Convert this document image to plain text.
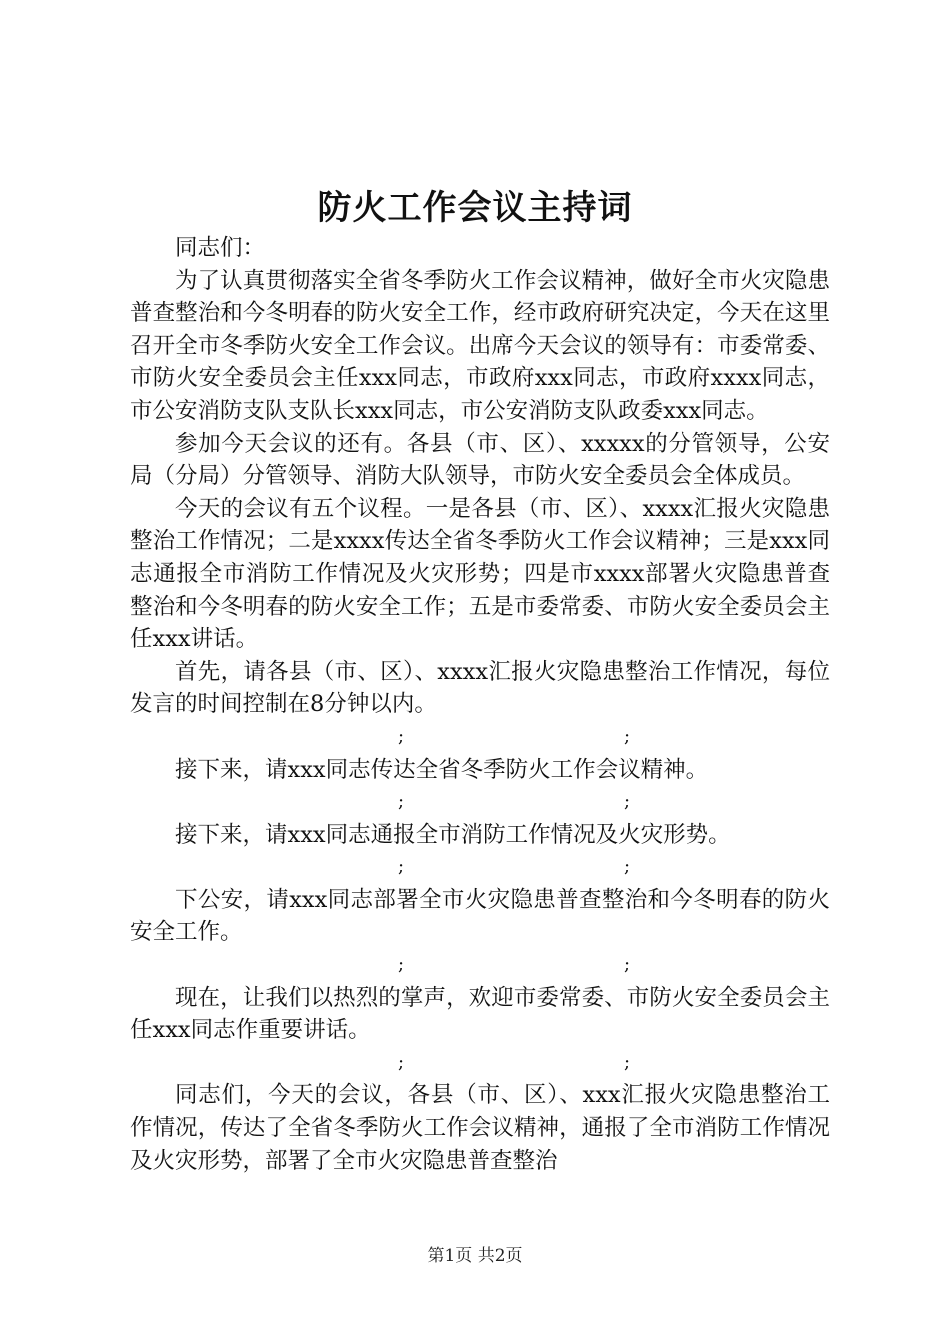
防火工作会议主持词

同志们：

为了认真贯彻落实全省冬季防火工作会议精神，做好全市火灾隐患普查整治和今冬明春的防火安全工作，经市政府研究决定，今天在这里召开全市冬季防火安全工作会议。出席今天会议的领导有：市委常委、市防火安全委员会主任xxx同志，市政府xxx同志，市政府xxxx同志，市公安消防支队支队长xxx同志，市公安消防支队政委xxx同志。

参加今天会议的还有。各县（市、区）、xxxxx的分管领导，公安局（分局）分管领导、消防大队领导，市防火安全委员会全体成员。

今天的会议有五个议程。一是各县（市、区）、xxxx汇报火灾隐患整治工作情况；二是xxxx传达全省冬季防火工作会议精神；三是xxx同志通报全市消防工作情况及火灾形势；四是市xxxx部署火灾隐患普查整治和今冬明春的防火安全工作；五是市委常委、市防火安全委员会主任xxx讲话。

首先，请各县（市、区）、xxxx汇报火灾隐患整治工作情况，每位发言的时间控制在8分钟以内。

;	;

接下来，请xxx同志传达全省冬季防火工作会议精神。

;	;

接下来，请xxx同志通报全市消防工作情况及火灾形势。

;	;

下公安，请xxx同志部署全市火灾隐患普查整治和今冬明春的防火安全工作。

;	;

现在，让我们以热烈的掌声，欢迎市委常委、市防火安全委员会主任xxx同志作重要讲话。

;	;

同志们，今天的会议，各县（市、区）、xxx汇报火灾隐患整治工作情况，传达了全省冬季防火工作会议精神，通报了全市消防工作情况及火灾形势，部署了全市火灾隐患普查整治

第1页 共2页
